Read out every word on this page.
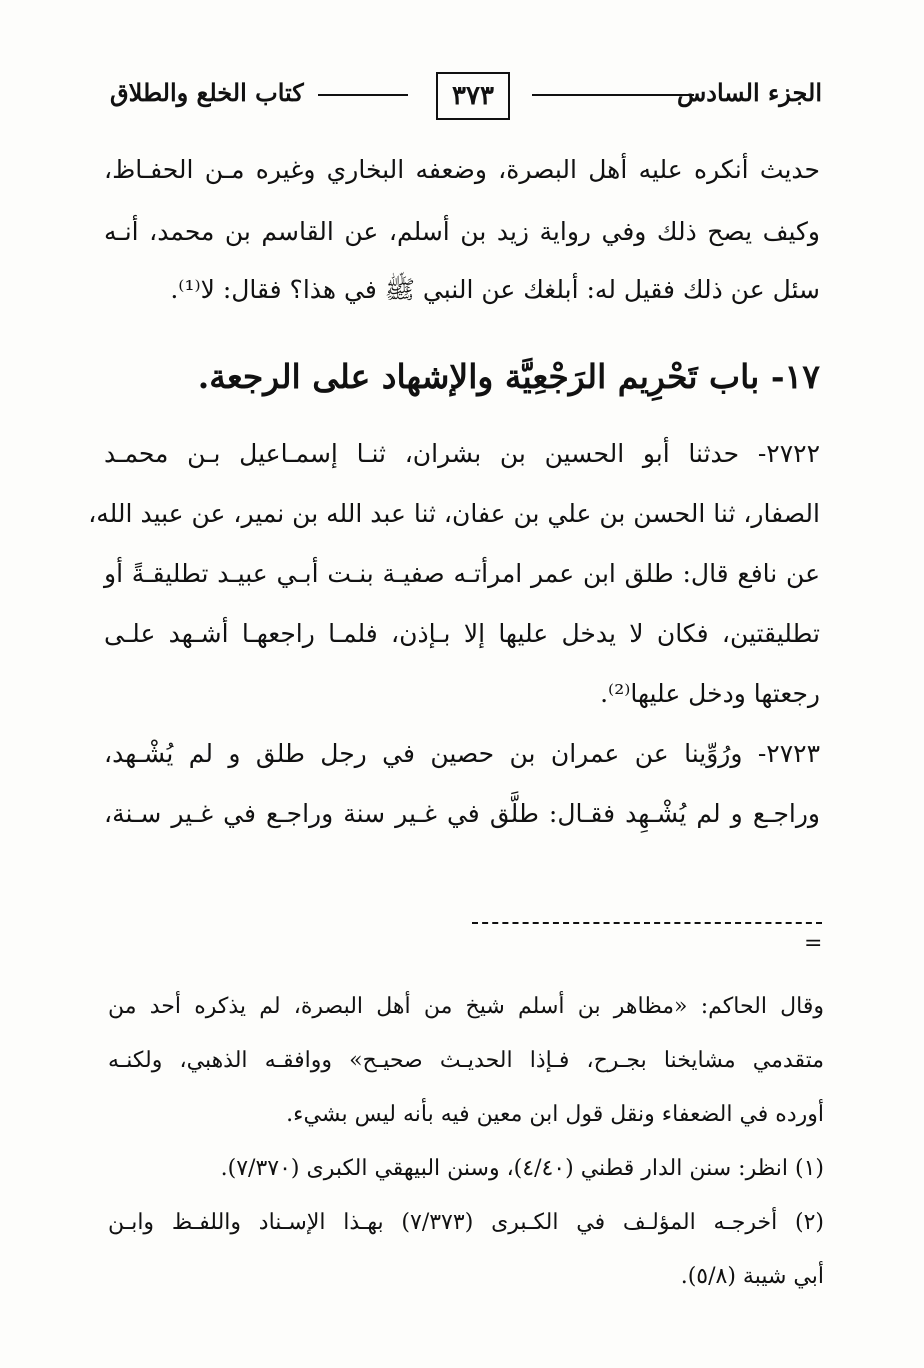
الجزء السادس
٣٧٣
كتاب الخلع والطلاق
حديث أنكره عليه أهل البصرة، وضعفه البخاري وغيره مـن الحفـاظ،
وكيف يصح ذلك وفي رواية زيد بن أسلم، عن القاسم بن محمد، أنـه
سئل عن ذلك فقيل له: أبلغك عن النبي ﷺ في هذا؟ فقال: لا⁽¹⁾.
١٧- باب تَحْرِيم الرَجْعِيَّة والإشهاد على الرجعة.
٢٧٢٢- حدثنا أبو الحسين بن بشران، ثنـا إسمـاعيل بـن محمـد
الصفار، ثنا الحسن بن علي بن عفان، ثنا عبد الله بن نمير، عن عبيد الله،
عن نافع قال: طلق ابن عمر امرأتـه صفيـة بنـت أبـي عبيـد تطليقـةً أو
تطليقتين، فكان لا يدخل عليها إلا بـإذن، فلمـا راجعهـا أشـهد علـى
رجعتها ودخل عليها⁽²⁾.
٢٧٢٣- ورُوِّينا عن عمران بن حصين في رجل طلق و لم يُشْـهد،
وراجـع و لم يُشْـهِد فقـال: طلَّق في غـير سنة وراجـع في غـير سـنة،
=
وقال الحاكم: «مظاهر بن أسلم شيخ من أهل البصرة، لم يذكره أحد من
متقدمي مشايخنا بجـرح، فـإذا الحديـث صحيـح» ووافقـه الذهبي، ولكنـه
أورده في الضعفاء ونقل قول ابن معين فيه بأنه ليس بشيء.
(١) انظر: سنن الدار قطني (٤/٤٠)، وسنن البيهقي الكبرى (٧/٣٧٠).
(٢) أخرجـه المؤلـف في الكـبرى (٧/٣٧٣) بهـذا الإسـناد واللفـظ وابـن
أبي شيبة (٥/٨).
